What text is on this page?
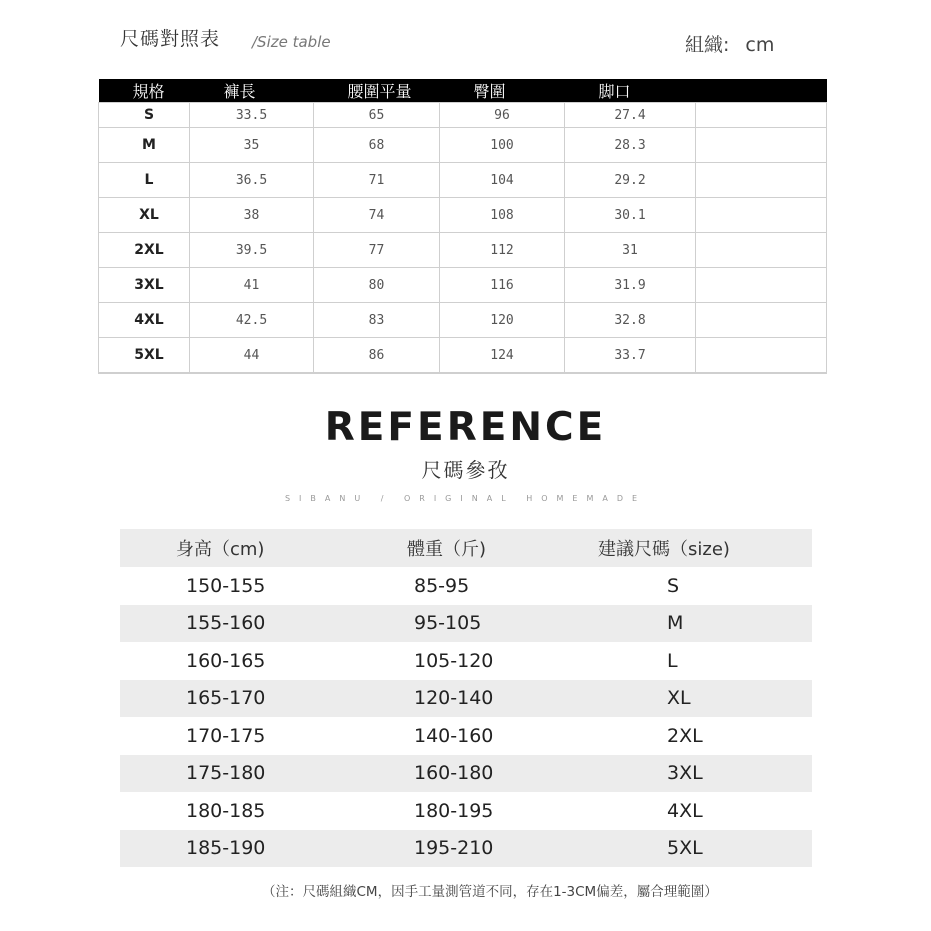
尺碼對照表 /Size table	組織: cm
規格	褲長	腰圍平量	臀圍	脚口	
S	33.5	65	96	27.4	
M	35	68	100	28.3	
L	36.5	71	104	29.2	
XL	38	74	108	30.1	
2XL	39.5	77	112	31	
3XL	41	80	116	31.9	
4XL	42.5	83	120	32.8	
5XL	44	86	124	33.7	
REFERENCE
尺碼參孜
SIBANU / ORIGINAL HOMEMADE
身高（cm)	體重（斤)	建議尺碼（size)
150-155	85-95	S
155-160	95-105	M
160-165	105-120	L
165-170	120-140	XL
170-175	140-160	2XL
175-180	160-180	3XL
180-185	180-195	4XL
185-190	195-210	5XL
（注：尺碼組織CM，因手工量測管道不同，存在1-3CM偏差，屬合理範圍）
